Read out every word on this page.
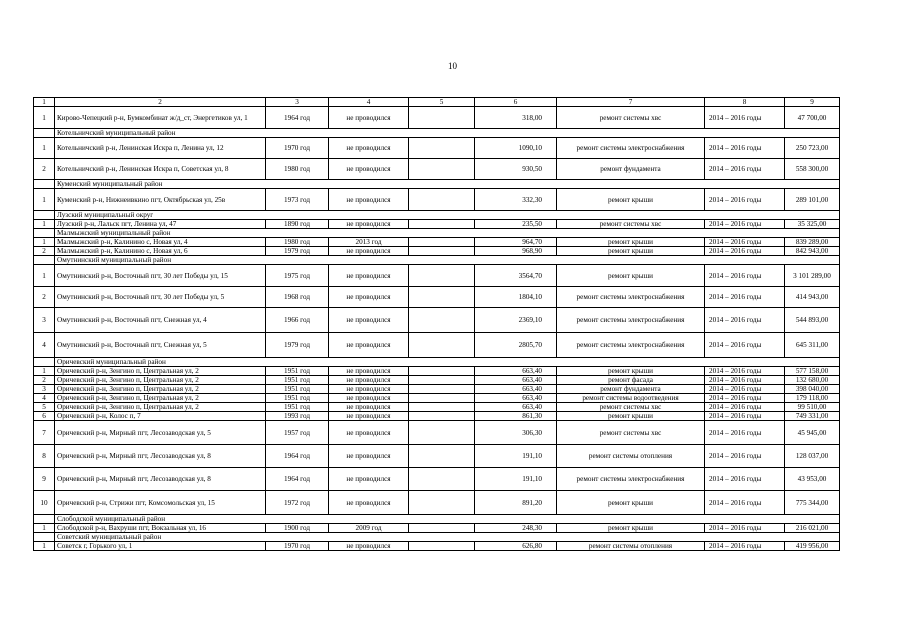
10
1	2	3	4	5	6	7	8	9
1	Кирово-Чепецкий р-н, Бумкомбинат ж/д_ст, Энергетиков ул, 1	1964 год	не проводился		318,00	ремонт системы хвс	2014 – 2016 годы	47 700,00
	Котельничский муниципальный район							
1	Котельничский р-н, Ленинская Искра п, Ленина ул, 12	1970 год	не проводился		1090,10	ремонт системы электроснабжения	2014 – 2016 годы	250 723,00
2	Котельничский р-н, Ленинская Искра п, Советская ул, 8	1980 год	не проводился		930,50	ремонт фундамента	2014 – 2016 годы	558 300,00
	Куменский муниципальный район							
1	Куменский р-н, Нижнеивкино пгт, Октябрьская ул, 25в	1973 год	не проводился		332,30	ремонт крыши	2014 – 2016 годы	289 101,00
	Лузский муниципальный округ							
1	Лузский р-н, Лальск пгт, Ленина ул, 47	1890 год	не проводился		235,50	ремонт системы хвс	2014 – 2016 годы	35 325,00
	Малмыжский муниципальный район							
1	Малмыжский р-н, Калинино с, Новая ул, 4	1980 год	2013 год		964,70	ремонт крыши	2014 – 2016 годы	839 289,00
2	Малмыжский р-н, Калинино с, Новая ул, 6	1979 год	не проводился		968,90	ремонт крыши	2014 – 2016 годы	842 943,00
	Омутнинский муниципальный район							
1	Омутнинский р-н, Восточный пгт, 30 лет Победы ул, 15	1975 год	не проводился		3564,70	ремонт крыши	2014 – 2016 годы	3 101 289,00
2	Омутнинский р-н, Восточный пгт, 30 лет Победы ул, 5	1968 год	не проводился		1804,10	ремонт системы электроснабжения	2014 – 2016 годы	414 943,00
3	Омутнинский р-н, Восточный пгт, Снежная ул, 4	1966 год	не проводился		2369,10	ремонт системы электроснабжения	2014 – 2016 годы	544 893,00
4	Омутнинский р-н, Восточный пгт, Снежная ул, 5	1979 год	не проводился		2805,70	ремонт системы электроснабжения	2014 – 2016 годы	645 311,00
	Оричевский муниципальный район							
1	Оричевский р-н, Зенгино п, Центральная ул, 2	1951 год	не проводился		663,40	ремонт крыши	2014 – 2016 годы	577 158,00
2	Оричевский р-н, Зенгино п, Центральная ул, 2	1951 год	не проводился		663,40	ремонт фасада	2014 – 2016 годы	132 680,00
3	Оричевский р-н, Зенгино п, Центральная ул, 2	1951 год	не проводился		663,40	ремонт фундамента	2014 – 2016 годы	398 040,00
4	Оричевский р-н, Зенгино п, Центральная ул, 2	1951 год	не проводился		663,40	ремонт системы водоотведения	2014 – 2016 годы	179 118,00
5	Оричевский р-н, Зенгино п, Центральная ул, 2	1951 год	не проводился		663,40	ремонт системы хвс	2014 – 2016 годы	99 510,00
6	Оричевский р-н, Колос п, 7	1993 год	не проводился		861,30	ремонт крыши	2014 – 2016 годы	749 331,00
7	Оричевский р-н, Мирный пгт, Лесозаводская ул, 5	1957 год	не проводился		306,30	ремонт системы хвс	2014 – 2016 годы	45 945,00
8	Оричевский р-н, Мирный пгт, Лесозаводская ул, 8	1964 год	не проводился		191,10	ремонт системы отопления	2014 – 2016 годы	128 037,00
9	Оричевский р-н, Мирный пгт, Лесозаводская ул, 8	1964 год	не проводился		191,10	ремонт системы электроснабжения	2014 – 2016 годы	43 953,00
10	Оричевский р-н, Стрижи пгт, Комсомольская ул, 15	1972 год	не проводился		891,20	ремонт крыши	2014 – 2016 годы	775 344,00
	Слободской муниципальный район							
1	Слободской р-н, Вахруши пгт, Вокзальная ул, 16	1900 год	2009 год		248,30	ремонт крыши	2014 – 2016 годы	216 021,00
	Советский муниципальный район							
1	Советск г, Горького ул, 1	1970 год	не проводился		626,80	ремонт системы отопления	2014 – 2016 годы	419 956,00
